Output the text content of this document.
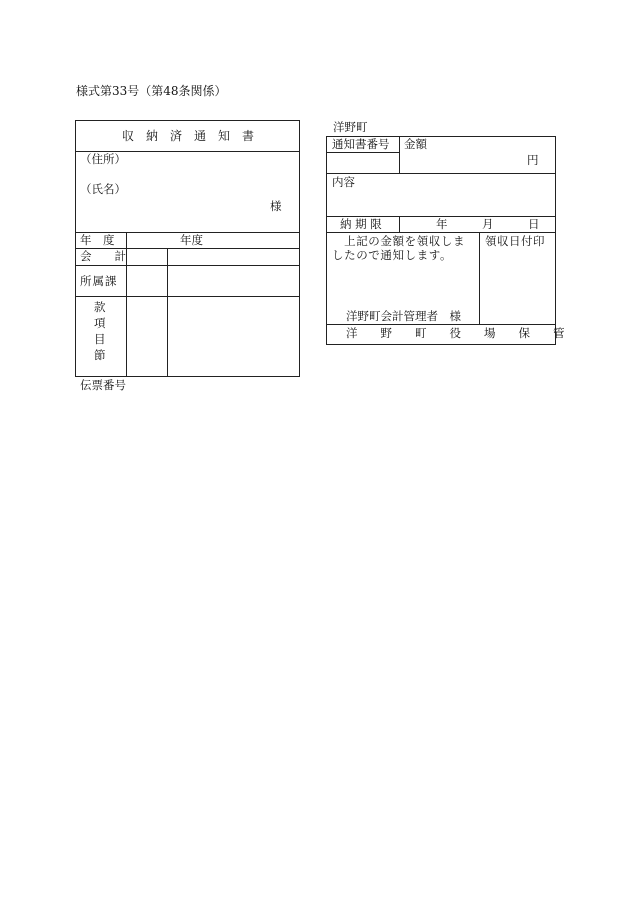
様式第33号（第48条関係）
収　納　済　通　知　書
（住所）
（氏名）
様
年　度	年度
会　　計
所属課
款
項
目
節
伝票番号
洋野町
通知書番号 金額
円
内容
納 期 限	年　　　月　　　日
　上記の金額を領収しま
したので通知します。
洋野町会計管理者　様
領収日付印
洋　　野　　町　　役　　場　　保　　管
